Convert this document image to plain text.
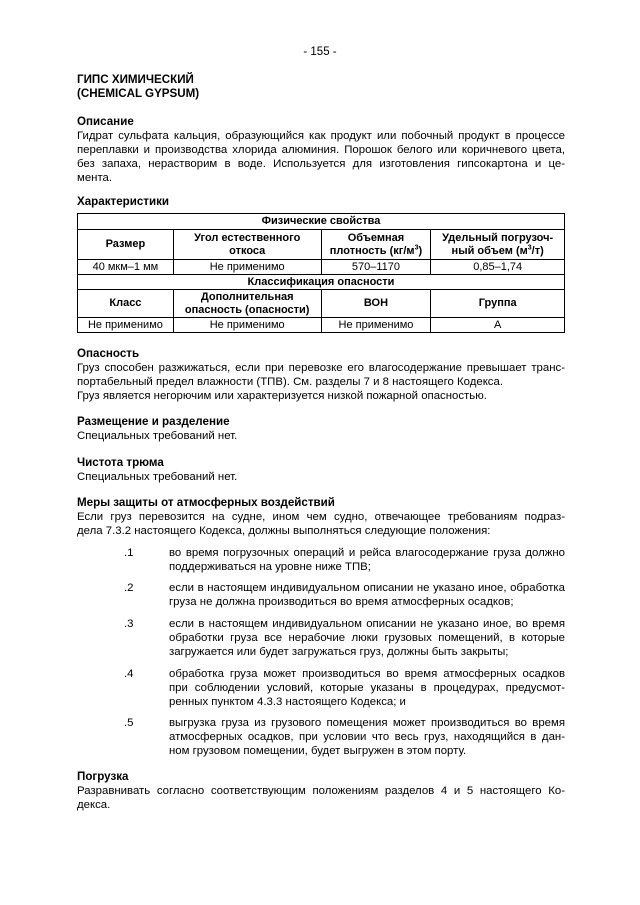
- 155 -
ГИПС ХИМИЧЕСКИЙ
(CHEMICAL GYPSUM)
Описание
Гидрат сульфата кальция, образующийся как продукт или побочный продукт в процессе
переплавки и производства хлорида алюминия. Порошок белого или коричневого цвета,
без запаха, нерастворим в воде. Используется для изготовления гипсокартона и це-
мента.
Характеристики
Физические свойства			
Размер	Угол естественного откоса	Объемная плотность $(кг/м^3)$	Удельный погрузоч-ный объем $(м^3/т)$
40 мкм–1 мм	Не применимо	570–1170	0,85–1,74
Классификация опасности			
Класс	Дополнительная опасность (опасности)	ВОН	Группа
Не применимо	Не применимо	Не применимо	А
Опасность
Груз способен разжижаться, если при перевозке его влагосодержание превышает транс-
портабельный предел влажности (ТПВ). См. разделы 7 и 8 настоящего Кодекса.
Груз является негорючим или характеризуется низкой пожарной опасностью.
Размещение и разделение

Специальных требований нет.

Чистота трюма

Специальных требований нет.

Меры защиты от атмосферных воздействий
Если груз перевозится на судне, ином чем судно, отвечающее требованиям подраз-
дела 7.3.2 настоящего Кодекса, должны выполняться следующие положения:
.1	во время погрузочных операций и рейса влагосодержание груза должно
поддерживаться на уровне ниже ТПВ;
.2	если в настоящем индивидуальном описании не указано иное, обработка
груза не должна производиться во время атмосферных осадков;
.3	если в настоящем индивидуальном описании не указано иное, во время
обработки груза все нерабочие люки грузовых помещений, в которые
загружается или будет загружаться груз, должны быть закрыты;
.4	обработка груза может производиться во время атмосферных осадков
при соблюдении условий, которые указаны в процедурах, предусмот-
ренных пунктом 4.3.3 настоящего Кодекса; и
.5	выгрузка груза из грузового помещения может производиться во время
атмосферных осадков, при условии что весь груз, находящийся в дан-
ном грузовом помещении, будет выгружен в этом порту.
Погрузка
Разравнивать согласно соответствующим положениям разделов 4 и 5 настоящего Ко-
декса.
